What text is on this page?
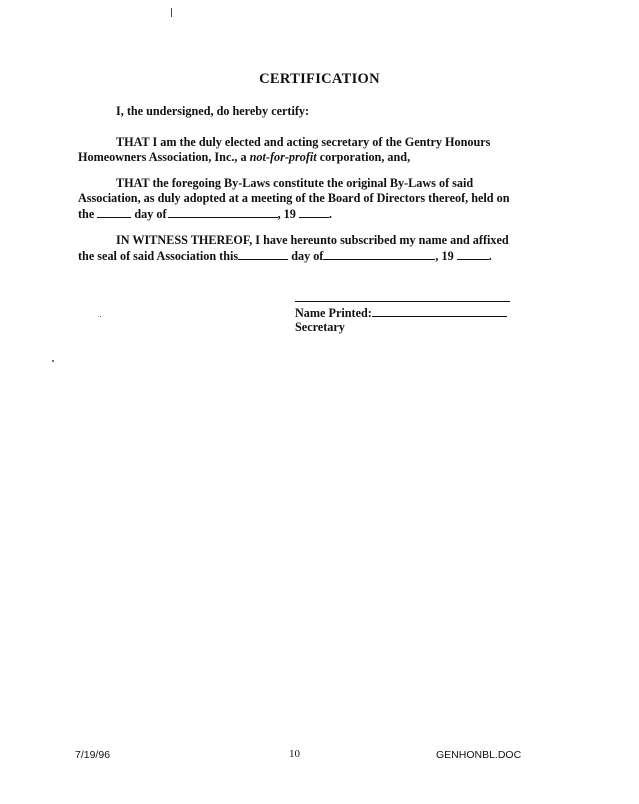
CERTIFICATION
I, the undersigned, do hereby certify:
THAT I am the duly elected and acting secretary of the Gentry Honours
Homeowners Association, Inc., a not-for-profit corporation, and,
THAT the foregoing By-Laws constitute the original By-Laws of said
Association, as duly adopted at a meeting of the Board of Directors thereof, held on
the	day of	, 19	.
IN WITNESS THEREOF, I have hereunto subscribed my name and affixed
the seal of said Association this	day of	, 19	.
Name Printed:
Secretary
7/19/96	10	GENHONBL.DOC
